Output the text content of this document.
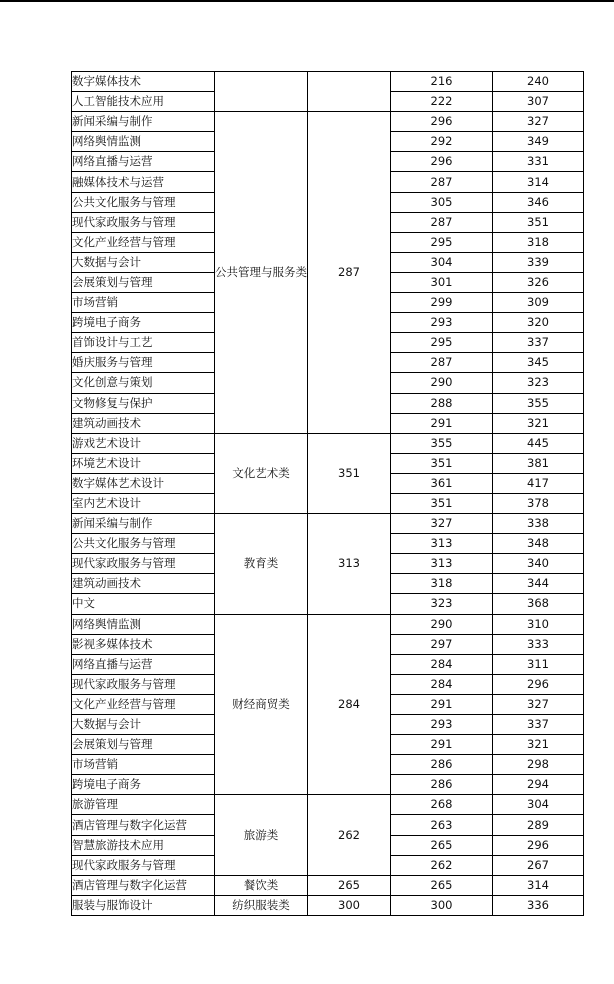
数字媒体技术			216	240
人工智能技术应用			222	307
新闻采编与制作	公共管理与服务类	287	296	327
网络舆情监测			292	349
网络直播与运营			296	331
融媒体技术与运营			287	314
公共文化服务与管理			305	346
现代家政服务与管理			287	351
文化产业经营与管理			295	318
大数据与会计			304	339
会展策划与管理			301	326
市场营销			299	309
跨境电子商务			293	320
首饰设计与工艺			295	337
婚庆服务与管理			287	345
文化创意与策划			290	323
文物修复与保护			288	355
建筑动画技术			291	321
游戏艺术设计	文化艺术类	351	355	445
环境艺术设计			351	381
数字媒体艺术设计			361	417
室内艺术设计			351	378
新闻采编与制作	教育类	313	327	338
公共文化服务与管理			313	348
现代家政服务与管理			313	340
建筑动画技术			318	344
中文			323	368
网络舆情监测	财经商贸类	284	290	310
影视多媒体技术			297	333
网络直播与运营			284	311
现代家政服务与管理			284	296
文化产业经营与管理			291	327
大数据与会计			293	337
会展策划与管理			291	321
市场营销			286	298
跨境电子商务			286	294
旅游管理	旅游类	262	268	304
酒店管理与数字化运营			263	289
智慧旅游技术应用			265	296
现代家政服务与管理			262	267
酒店管理与数字化运营	餐饮类	265	265	314
服装与服饰设计	纺织服装类	300	300	336
